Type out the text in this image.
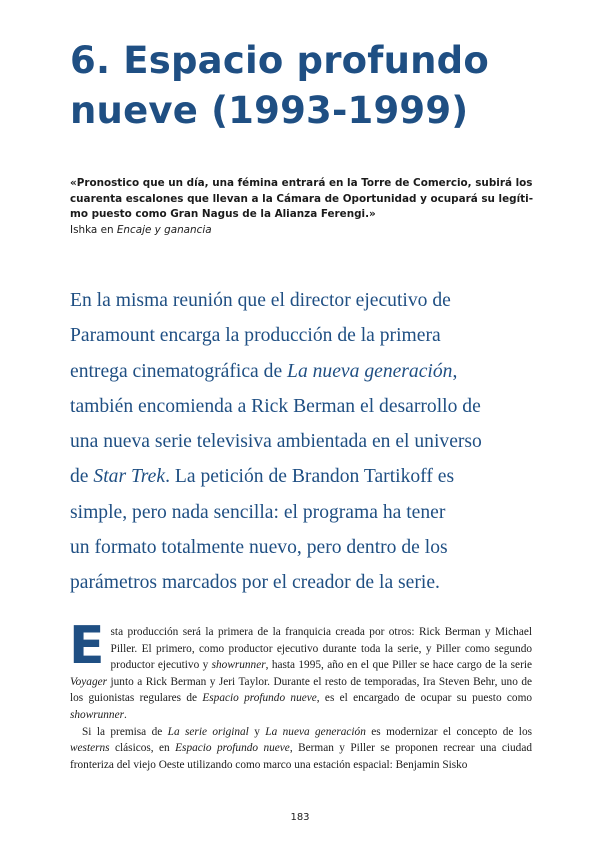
6. Espacio profundo
nueve (1993-1999)

«Pronostico que un día, una fémina entrará en la Torre de Comercio, subirá los
cuarenta escalones que llevan a la Cámara de Oportunidad y ocupará su legíti-
mo puesto como Gran Nagus de la Alianza Ferengi.»

Ishka en Encaje y ganancia

En la misma reunión que el director ejecutivo de
Paramount encarga la producción de la primera
entrega cinematográfica de La nueva generación,
también encomienda a Rick Berman el desarrollo de
una nueva serie televisiva ambientada en el universo
de Star Trek. La petición de Brandon Tartikoff es
simple, pero nada sencilla: el programa ha tener
un formato totalmente nuevo, pero dentro de los
parámetros marcados por el creador de la serie.

Esta producción será la primera de la franquicia creada por otros: Rick Berman y Michael Piller. El primero, como productor ejecutivo durante toda la serie, y Piller como segundo productor ejecutivo y showrunner, hasta 1995, año en el que Piller se hace cargo de la serie Voyager junto a Rick Berman y Jeri Taylor. Durante el resto de temporadas, Ira Steven Behr, uno de los guionistas regulares de Espacio profundo nueve, es el encargado de ocupar su puesto como showrunner.

Si la premisa de La serie original y La nueva generación es modernizar el concepto de los westerns clásicos, en Espacio profundo nueve, Berman y Piller se proponen recrear una ciudad fronteriza del viejo Oeste utilizando como marco una estación espacial: Benjamin Sisko

183
